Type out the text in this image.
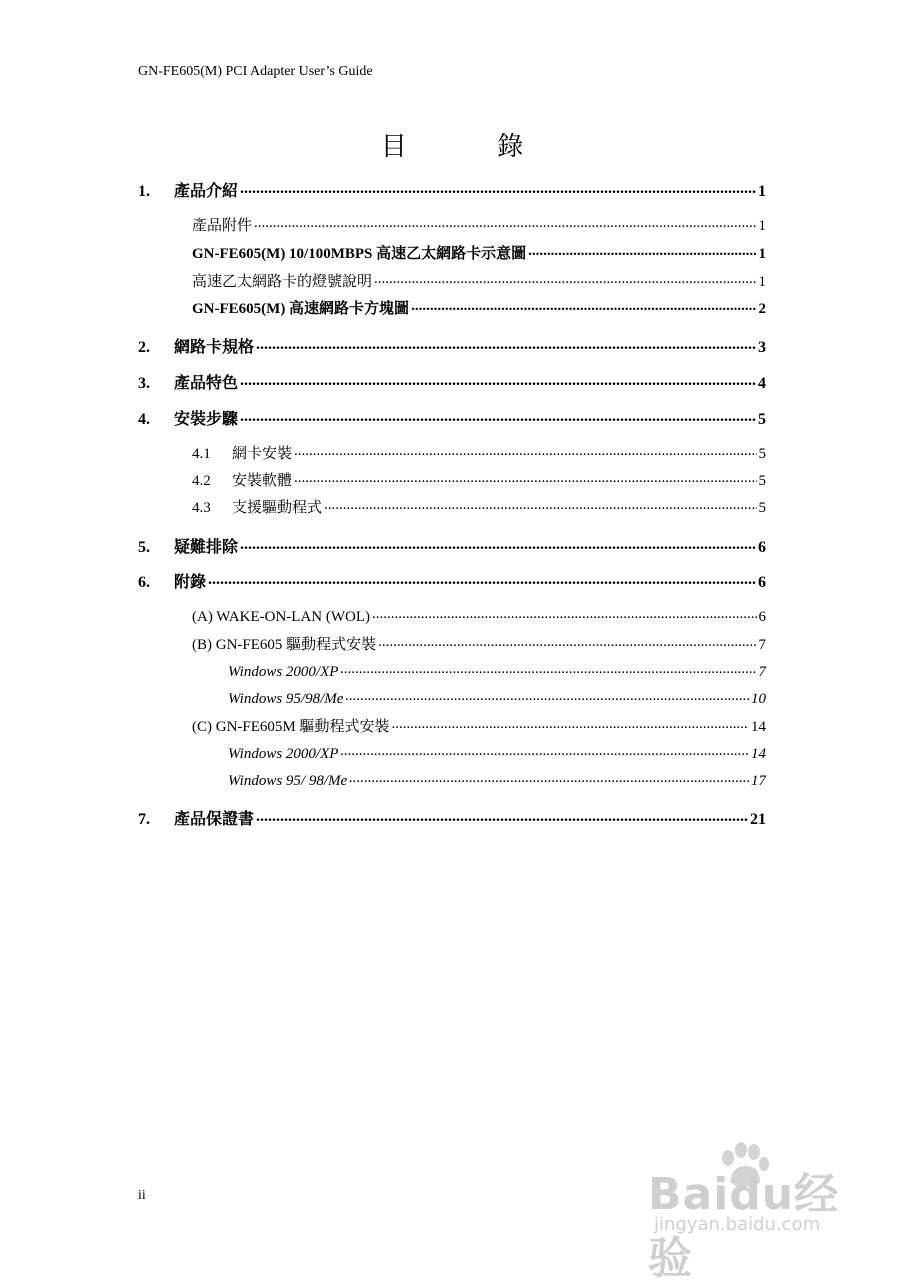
GN-FE605(M) PCI Adapter User’s Guide
目 錄
1.	產品介紹 .....	1
產品附件 .....	1
GN-FE605(M) 10/100MBPS 高速乙太網路卡示意圖 .....	1
高速乙太網路卡的燈號說明 .....	1
GN-FE605(M) 高速網路卡方塊圖 .....	2
2.	網路卡規格 .....	3
3.	產品特色 .....	4
4.	安裝步驟 .....	5
4.1	網卡安裝 .....	5
4.2	安裝軟體 .....	5
4.3	支援驅動程式 .....	5
5.	疑難排除 .....	6
6.	附錄 .....	6
(A) WAKE-ON-LAN (WOL) .....	6
(B) GN-FE605 驅動程式安裝 .....	7
Windows 2000/XP .....	7
Windows 95/98/Me .....	10
(C) GN-FE605M 驅動程式安裝 .....	14
Windows 2000/XP .....	14
Windows 95/ 98/Me .....	17
7.	產品保證書 .....	21
ii	Baidu经验
jingyan.baidu.com
